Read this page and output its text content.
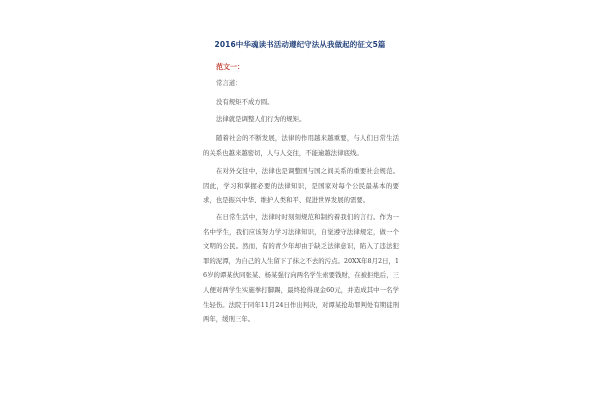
2016中华魂读书活动遵纪守法从我做起的征文5篇
范文一：
常言道：
没有规矩不成方圆。
法律就是调整人们行为的规矩。
随着社会的不断发展，法律的作用越来越重要，与人们日常生活的关系也越来越密切，人与人交往，不能逾越法律底线。
在对外交往中，法律也是调整国与国之间关系的重要社会规范。因此，学习和掌握必要的法律知识，是国家对每个公民最基本的要求，也是振兴中华、维护人类和平、促进世界发展的需要。
在日常生活中，法律时时刻刻规范和制约着我们的言行。作为一名中学生，我们应该努力学习法律知识，自觉遵守法律规定，做一个文明的公民。然而，有的青少年却由于缺乏法律意识，陷入了违法犯罪的泥潭，为自己的人生留下了抹之不去的污点。20XX年8月2日，16岁的谭某伙同张某、杨某强行向两名学生索要钱财，在被拒绝后，三人便对两学生实施拳打脚踢，最终抢得现金60元，并造成其中一名学生轻伤。法院于同年11月24日作出判决，对谭某抢劫罪判处有期徒刑两年，缓刑三年。
